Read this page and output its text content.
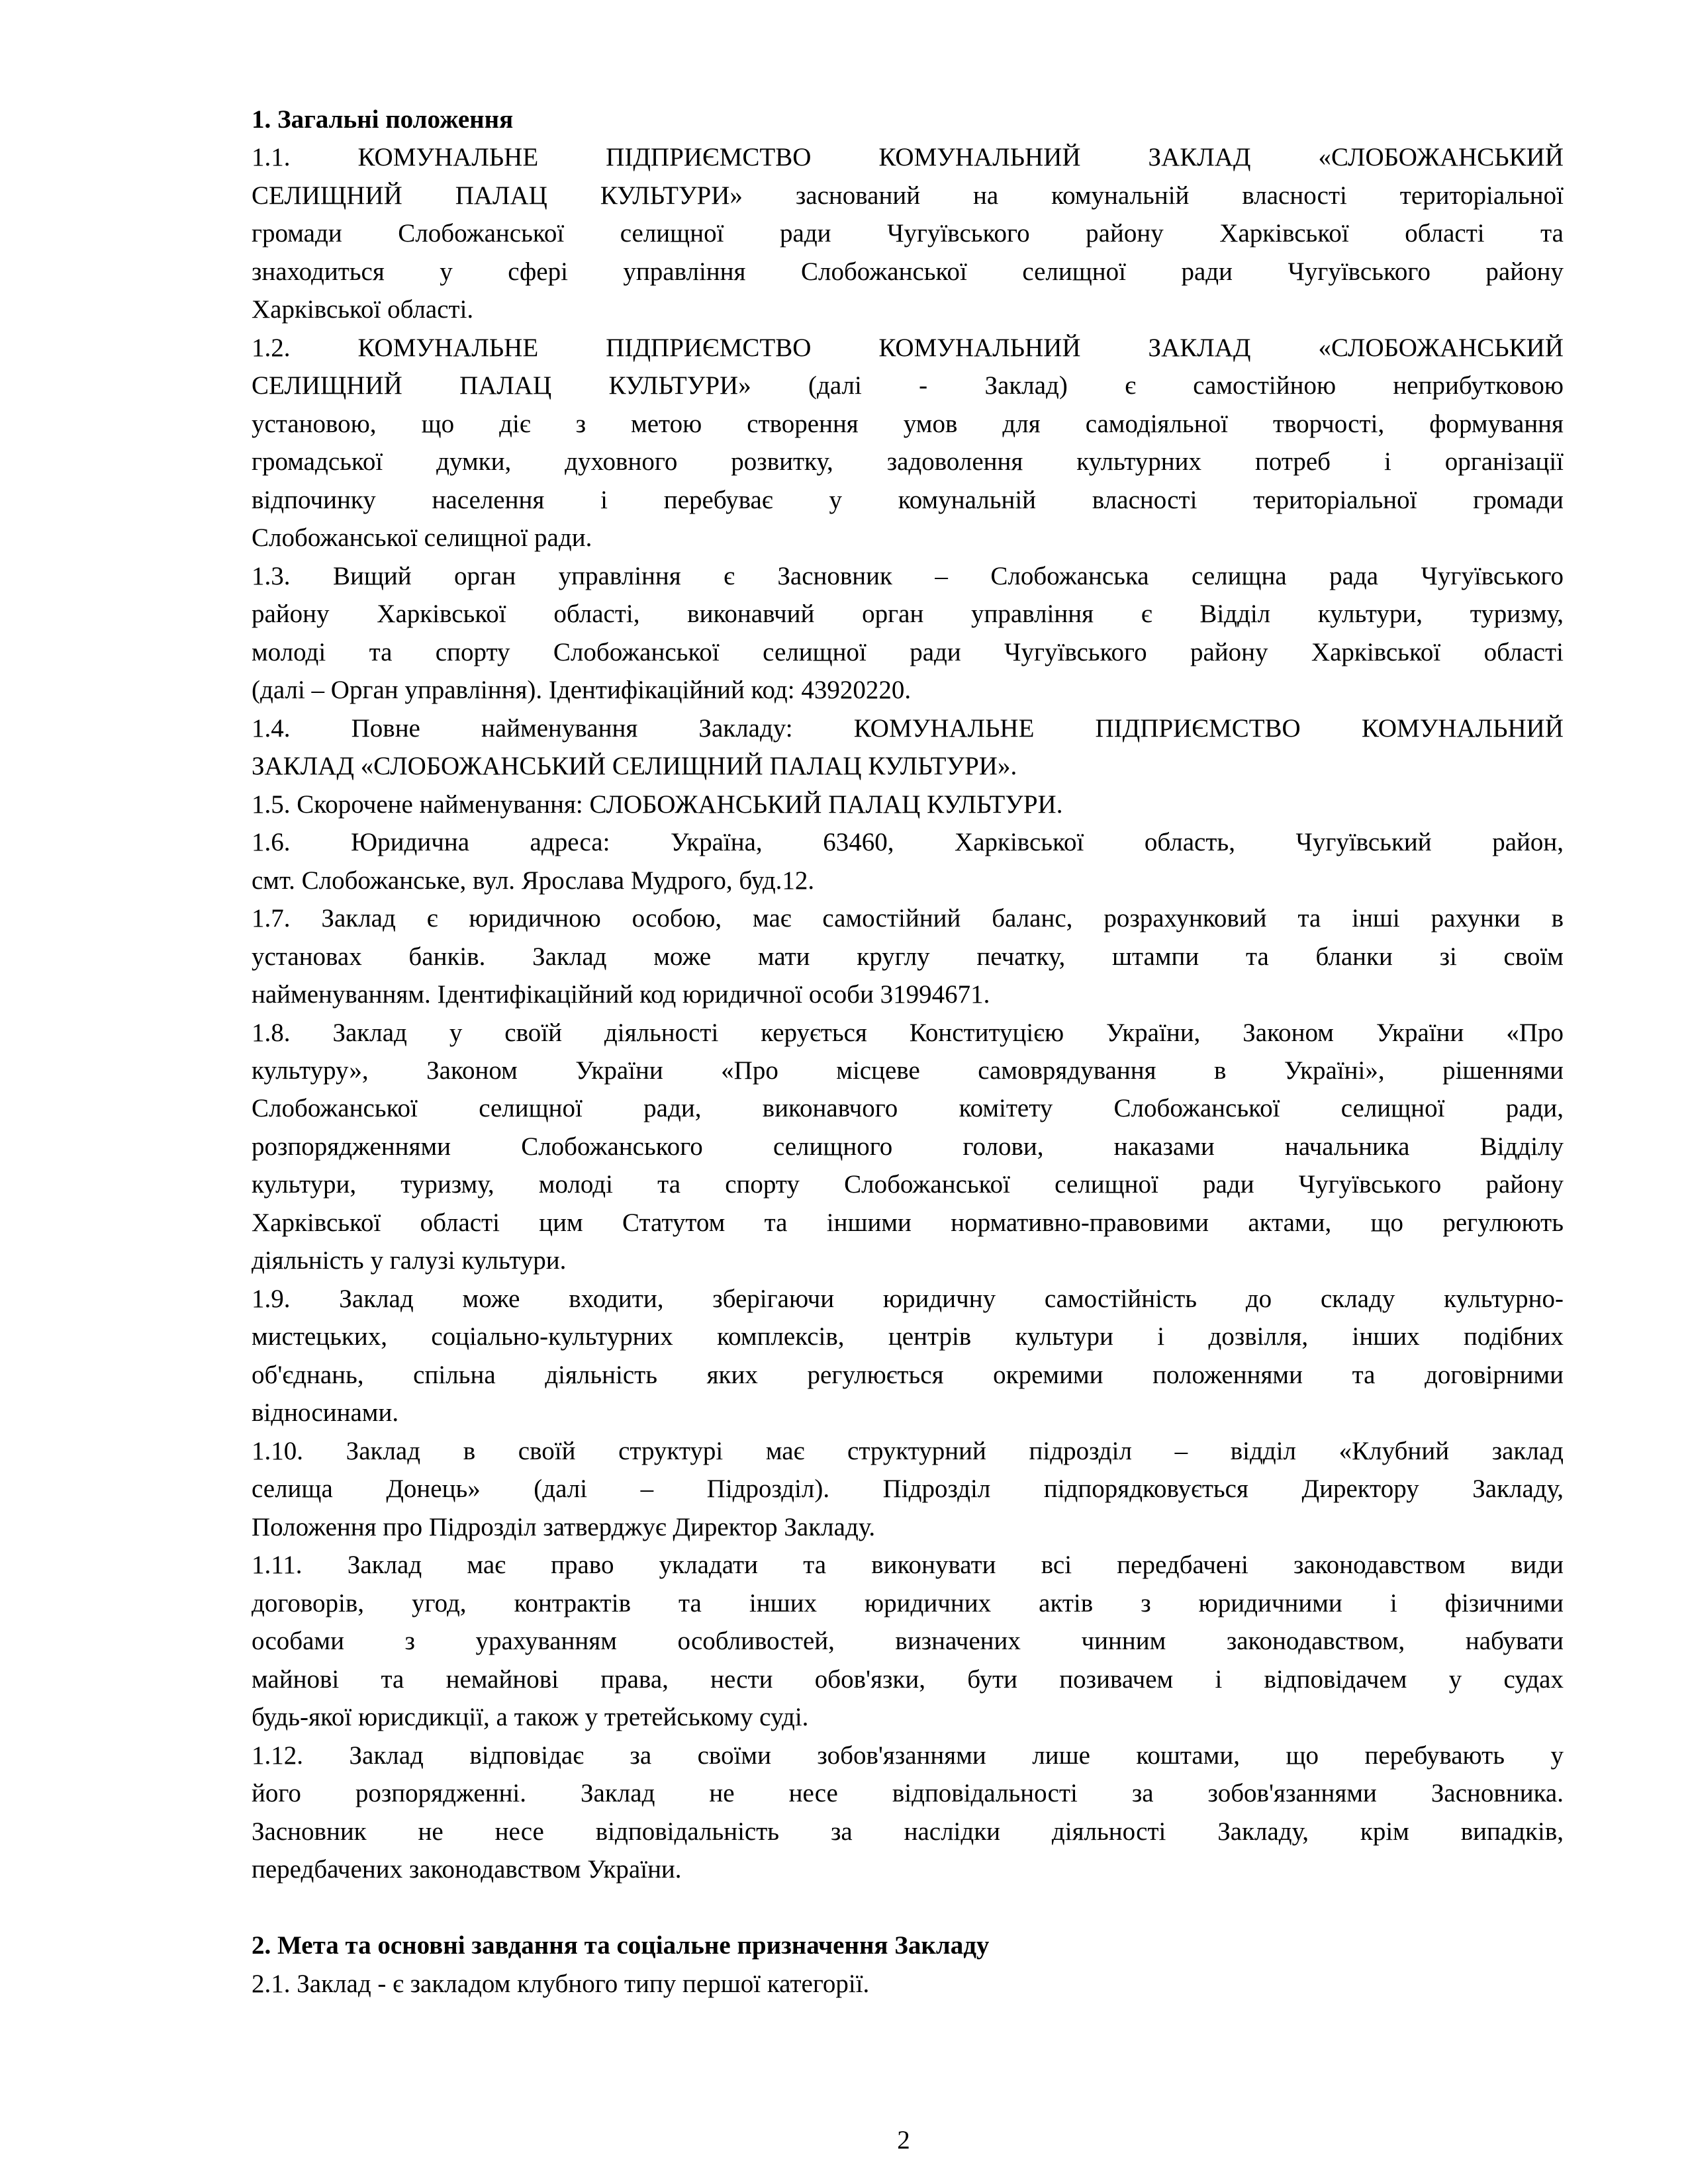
1. Загальні положення
1.1. КОМУНАЛЬНЕ ПІДПРИЄМСТВО КОМУНАЛЬНИЙ ЗАКЛАД «СЛОБОЖАНСЬКИЙ
СЕЛИЩНИЙ ПАЛАЦ КУЛЬТУРИ» заснований на комунальній власності територіальної
громади Слобожанської селищної ради Чугуївського району Харківської області та
знаходиться у сфері управління Слобожанської селищної ради Чугуївського району
Харківської області.
1.2. КОМУНАЛЬНЕ ПІДПРИЄМСТВО КОМУНАЛЬНИЙ ЗАКЛАД «СЛОБОЖАНСЬКИЙ
СЕЛИЩНИЙ ПАЛАЦ КУЛЬТУРИ» (далі - Заклад) є самостійною неприбутковою
установою, що діє з метою створення умов для самодіяльної творчості, формування
громадської думки, духовного розвитку, задоволення культурних потреб і організації
відпочинку населення і перебуває у комунальній власності територіальної громади
Слобожанської селищної ради.
1.3. Вищий орган управління є Засновник – Слобожанська селищна рада Чугуївського
району Харківської області, виконавчий орган управління є Відділ культури, туризму,
молоді та спорту Слобожанської селищної ради Чугуївського району Харківської області
(далі – Орган управління). Ідентифікаційний код: 43920220.
1.4. Повне найменування Закладу: КОМУНАЛЬНЕ ПІДПРИЄМСТВО КОМУНАЛЬНИЙ
ЗАКЛАД «СЛОБОЖАНСЬКИЙ СЕЛИЩНИЙ ПАЛАЦ КУЛЬТУРИ».
1.5. Скорочене найменування: СЛОБОЖАНСЬКИЙ ПАЛАЦ КУЛЬТУРИ.
1.6. Юридична адреса: Україна, 63460, Харківської область, Чугуївський район,
смт. Слобожанське, вул. Ярослава Мудрого, буд.12.
1.7. Заклад є юридичною особою, має самостійний баланс, розрахунковий та інші рахунки в
установах банків. Заклад може мати круглу печатку, штампи та бланки зі своїм
найменуванням. Ідентифікаційний код юридичної особи 31994671.
1.8. Заклад у своїй діяльності керується Конституцією України, Законом України «Про
культуру», Законом України «Про місцеве самоврядування в Україні», рішеннями
Слобожанської селищної ради, виконавчого комітету Слобожанської селищної ради,
розпорядженнями Слобожанського селищного голови, наказами начальника Відділу
культури, туризму, молоді та спорту Слобожанської селищної ради Чугуївського району
Харківської області цим Статутом та іншими нормативно-правовими актами, що регулюють
діяльність у галузі культури.
1.9. Заклад може входити, зберігаючи юридичну самостійність до складу культурно-
мистецьких, соціально-культурних комплексів, центрів культури і дозвілля, інших подібних
об'єднань, спільна діяльність яких регулюється окремими положеннями та договірними
відносинами.
1.10. Заклад в своїй структурі має структурний підрозділ – відділ «Клубний заклад
селища Донець» (далі – Підрозділ). Підрозділ підпорядковується Директору Закладу,
Положення про Підрозділ затверджує Директор Закладу.
1.11. Заклад має право укладати та виконувати всі передбачені законодавством види
договорів, угод, контрактів та інших юридичних актів з юридичними і фізичними
особами з урахуванням особливостей, визначених чинним законодавством, набувати
майнові та немайнові права, нести обов'язки, бути позивачем і відповідачем у судах
будь-якої юрисдикції, а також у третейському суді.
1.12. Заклад відповідає за своїми зобов'язаннями лише коштами, що перебувають у
його розпорядженні. Заклад не несе відповідальності за зобов'язаннями Засновника.
Засновник не несе відповідальність за наслідки діяльності Закладу, крім випадків,
передбачених законодавством України.
2. Мета та основні завдання та соціальне призначення Закладу
2.1. Заклад - є закладом клубного типу першої категорії.
2
